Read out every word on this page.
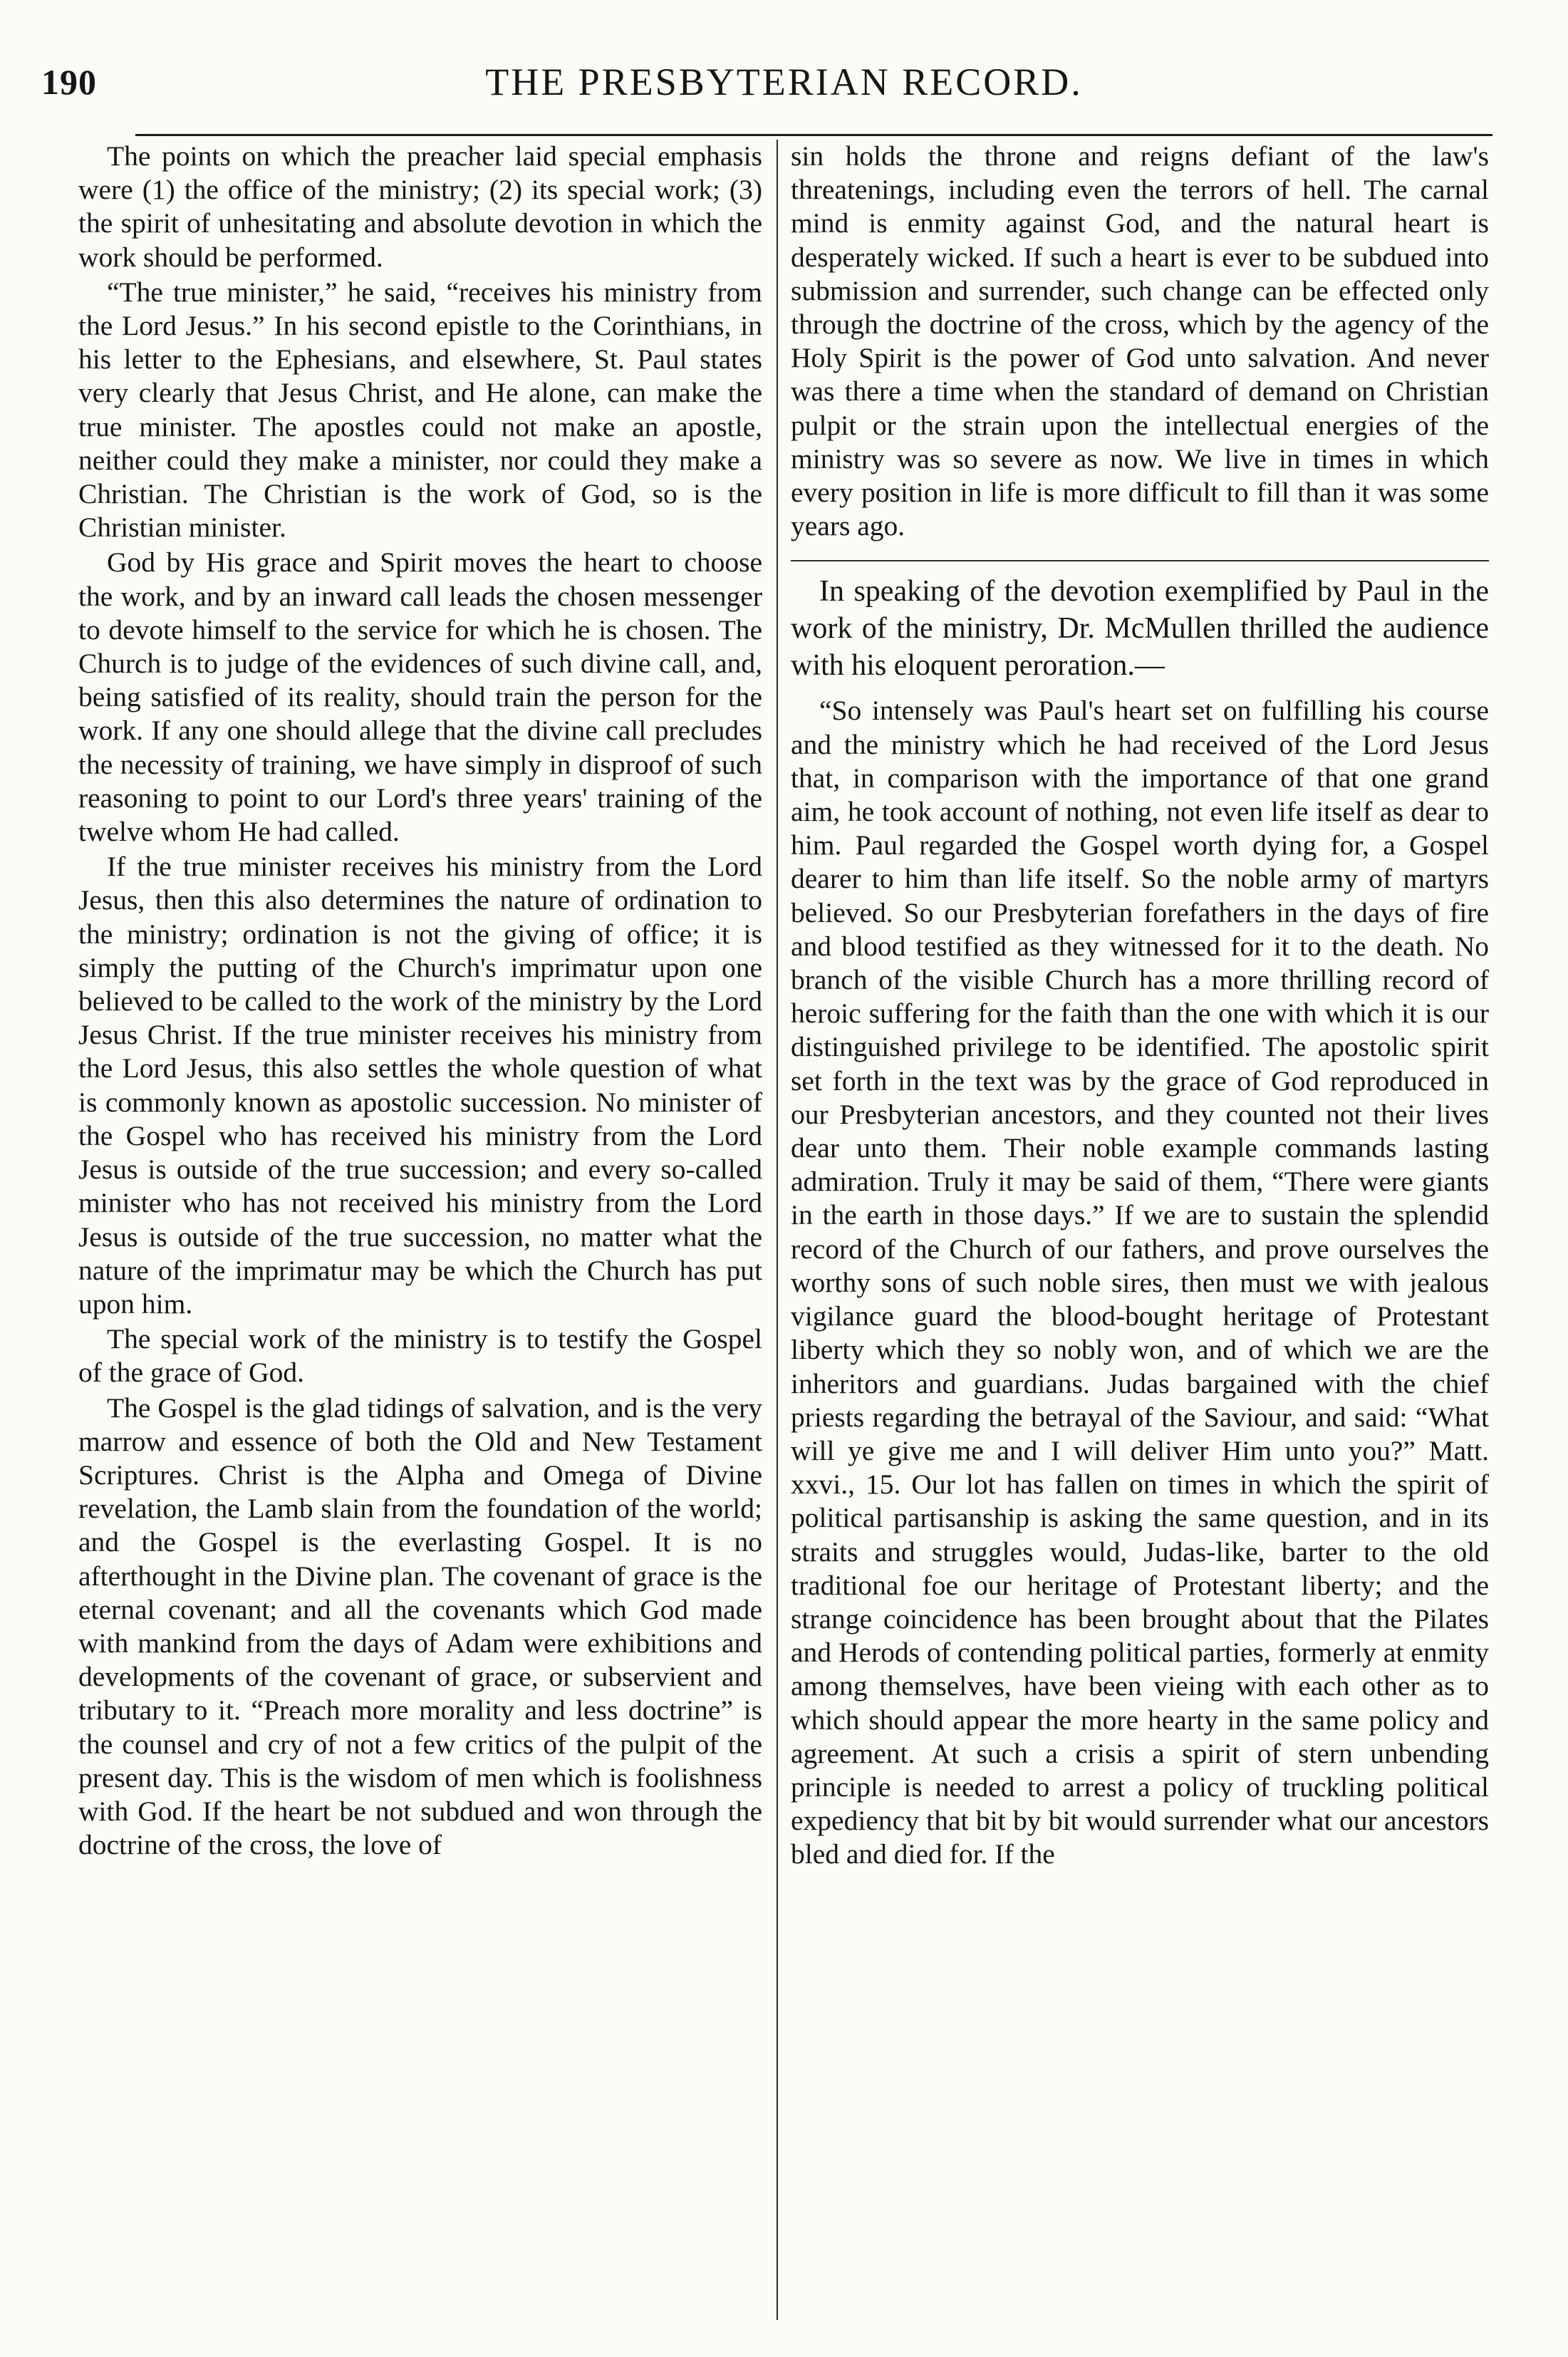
190	THE PRESBYTERIAN RECORD.

The points on which the preacher laid special emphasis were (1) the office of the ministry; (2) its special work; (3) the spirit of unhesitating and absolute devotion in which the work should be performed.

“The true minister,” he said, “receives his ministry from the Lord Jesus.” In his second epistle to the Corinthians, in his letter to the Ephesians, and elsewhere, St. Paul states very clearly that Jesus Christ, and He alone, can make the true minister. The apostles could not make an apostle, neither could they make a minister, nor could they make a Christian. The Christian is the work of God, so is the Christian minister.

God by His grace and Spirit moves the heart to choose the work, and by an inward call leads the chosen messenger to devote himself to the service for which he is chosen. The Church is to judge of the evidences of such divine call, and, being satisfied of its reality, should train the person for the work. If any one should allege that the divine call precludes the necessity of training, we have simply in disproof of such reasoning to point to our Lord's three years' training of the twelve whom He had called.

If the true minister receives his ministry from the Lord Jesus, then this also determines the nature of ordination to the ministry; ordination is not the giving of office; it is simply the putting of the Church's imprimatur upon one believed to be called to the work of the ministry by the Lord Jesus Christ. If the true minister receives his ministry from the Lord Jesus, this also settles the whole question of what is commonly known as apostolic succession. No minister of the Gospel who has received his ministry from the Lord Jesus is outside of the true succession; and every so-called minister who has not received his ministry from the Lord Jesus is outside of the true succession, no matter what the nature of the imprimatur may be which the Church has put upon him.

The special work of the ministry is to testify the Gospel of the grace of God.

The Gospel is the glad tidings of salvation, and is the very marrow and essence of both the Old and New Testament Scriptures. Christ is the Alpha and Omega of Divine revelation, the Lamb slain from the foundation of the world; and the Gospel is the everlasting Gospel. It is no afterthought in the Divine plan. The covenant of grace is the eternal covenant; and all the covenants which God made with mankind from the days of Adam were exhibitions and developments of the covenant of grace, or subservient and tributary to it. “Preach more morality and less doctrine” is the counsel and cry of not a few critics of the pulpit of the present day. This is the wisdom of men which is foolishness with God. If the heart be not subdued and won through the doctrine of the cross, the love of

sin holds the throne and reigns defiant of the law's threatenings, including even the terrors of hell. The carnal mind is enmity against God, and the natural heart is desperately wicked. If such a heart is ever to be subdued into submission and surrender, such change can be effected only through the doctrine of the cross, which by the agency of the Holy Spirit is the power of God unto salvation. And never was there a time when the standard of demand on Christian pulpit or the strain upon the intellectual energies of the ministry was so severe as now. We live in times in which every position in life is more difficult to fill than it was some years ago.

In speaking of the devotion exemplified by Paul in the work of the ministry, Dr. McMullen thrilled the audience with his eloquent peroration.—

“So intensely was Paul's heart set on fulfilling his course and the ministry which he had received of the Lord Jesus that, in comparison with the importance of that one grand aim, he took account of nothing, not even life itself as dear to him. Paul regarded the Gospel worth dying for, a Gospel dearer to him than life itself. So the noble army of martyrs believed. So our Presbyterian forefathers in the days of fire and blood testified as they witnessed for it to the death. No branch of the visible Church has a more thrilling record of heroic suffering for the faith than the one with which it is our distinguished privilege to be identified. The apostolic spirit set forth in the text was by the grace of God reproduced in our Presbyterian ancestors, and they counted not their lives dear unto them. Their noble example commands lasting admiration. Truly it may be said of them, “There were giants in the earth in those days.” If we are to sustain the splendid record of the Church of our fathers, and prove ourselves the worthy sons of such noble sires, then must we with jealous vigilance guard the blood-bought heritage of Protestant liberty which they so nobly won, and of which we are the inheritors and guardians. Judas bargained with the chief priests regarding the betrayal of the Saviour, and said: “What will ye give me and I will deliver Him unto you?” Matt. xxvi., 15. Our lot has fallen on times in which the spirit of political partisanship is asking the same question, and in its straits and struggles would, Judas-like, barter to the old traditional foe our heritage of Protestant liberty; and the strange coincidence has been brought about that the Pilates and Herods of contending political parties, formerly at enmity among themselves, have been vieing with each other as to which should appear the more hearty in the same policy and agreement. At such a crisis a spirit of stern unbending principle is needed to arrest a policy of truckling political expediency that bit by bit would surrender what our ancestors bled and died for. If the
